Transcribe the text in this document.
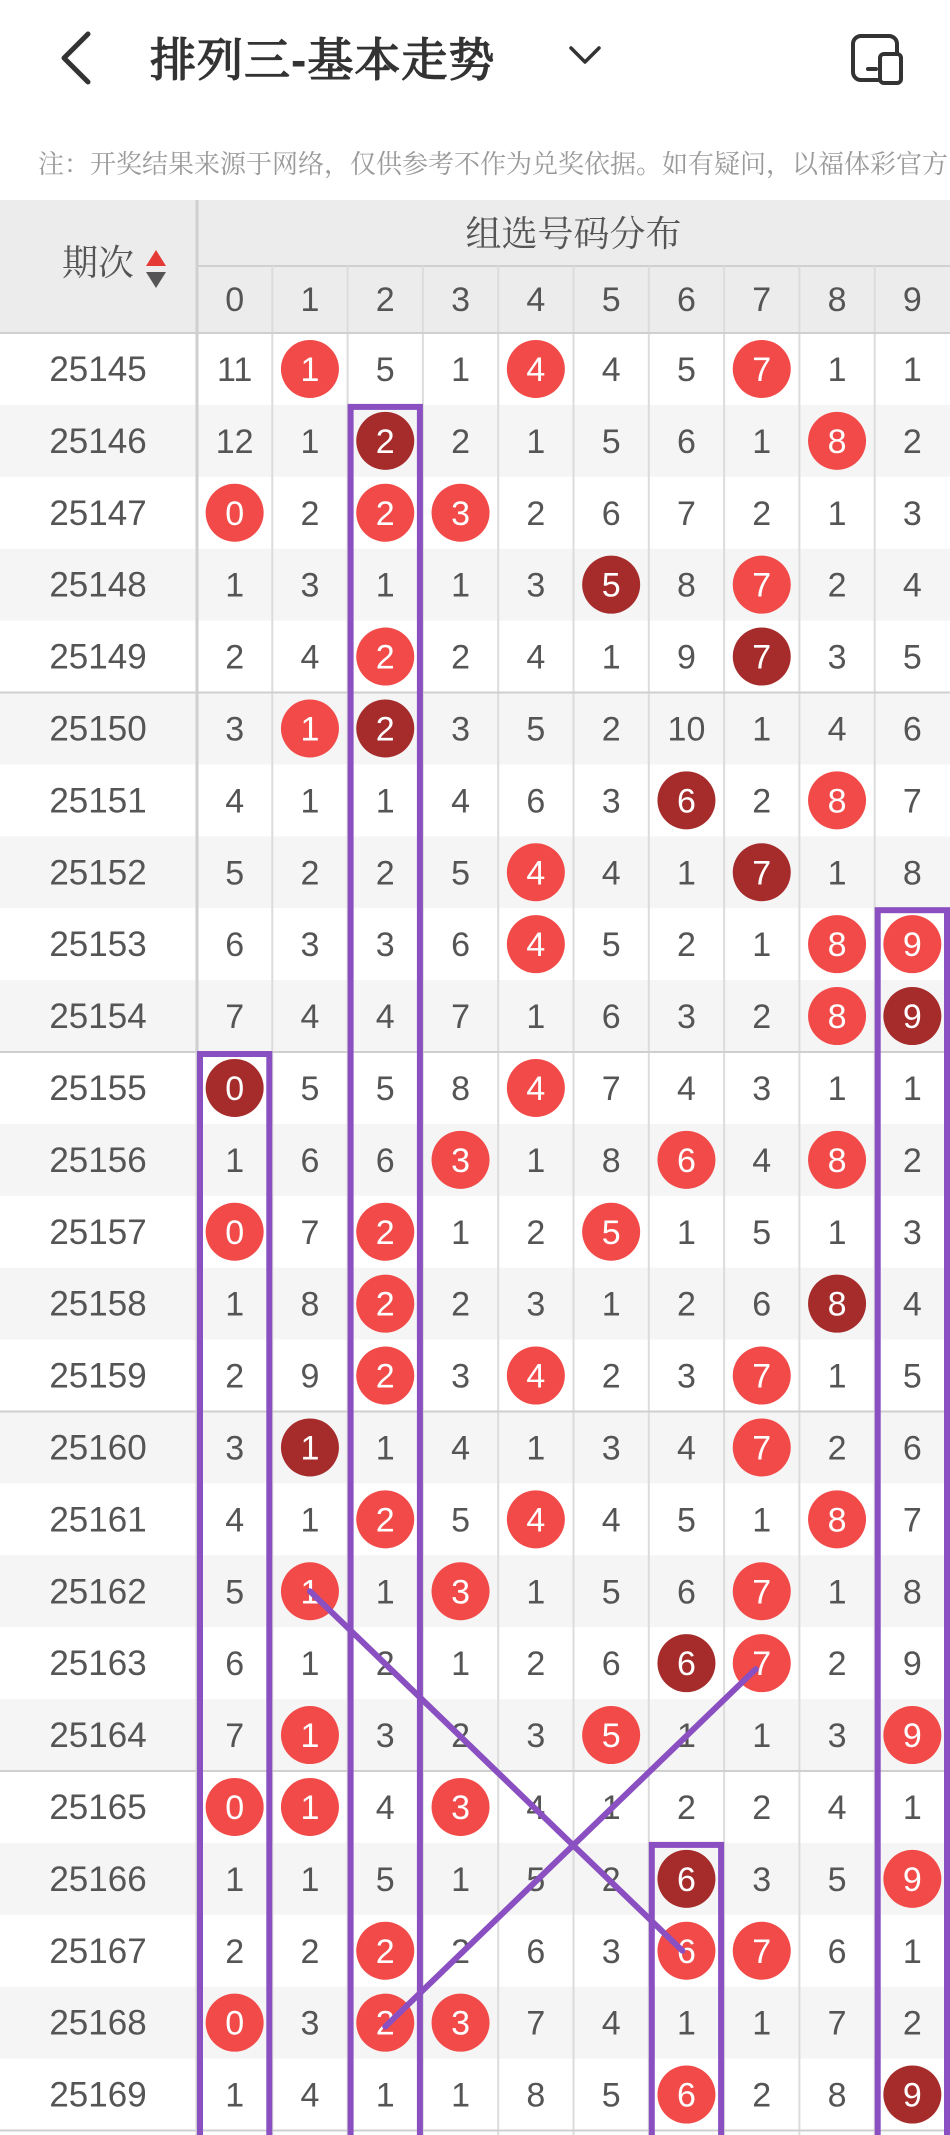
排列三-基本走势
注：开奖结果来源于网络，仅供参考不作为兑奖依据。如有疑问，以福体彩官方
期次
组选号码分布
0 1 2 3 4 5 6 7 8 9
25145
25146
25147
25148
25149
25150
25151
25152
25153
25154
25155
25156
25157
25158
25159
25160
25161
25162
25163
25164
25165
25166
25167
25168
25169
11 1 5 1 4 4 5 7 1 1
12 1 2 2 1 5 6 1 8 2
0 2 2 3 2 6 7 2 1 3
1 3 1 1 3 5 8 7 2 4
2 4 2 2 4 1 9 7 3 5
3 1 2 3 5 2 10 1 4 6
4 1 1 4 6 3 6 2 8 7
5 2 2 5 4 4 1 7 1 8
6 3 3 6 4 5 2 1 8 9
7 4 4 7 1 6 3 2 8 9
0 5 5 8 4 7 4 3 1 1
1 6 6 3 1 8 6 4 8 2
0 7 2 1 2 5 1 5 1 3
1 8 2 2 3 1 2 6 8 4
2 9 2 3 4 2 3 7 1 5
3 1 1 4 1 3 4 7 2 6
4 1 2 5 4 4 5 1 8 7
5 1 1 3 1 5 6 7 1 8
6 1 2 1 2 6 6 7 2 9
7 1 3 2 3 5 1 1 3 9
0 1 4 3 4 1 2 2 4 1
1 1 5 1 5 2 6 3 5 9
2 2 2 2 6 3 6 7 6 1
0 3 2 3 7 4 1 1 7 2
1 4 1 1 8 5 6 2 8 9
